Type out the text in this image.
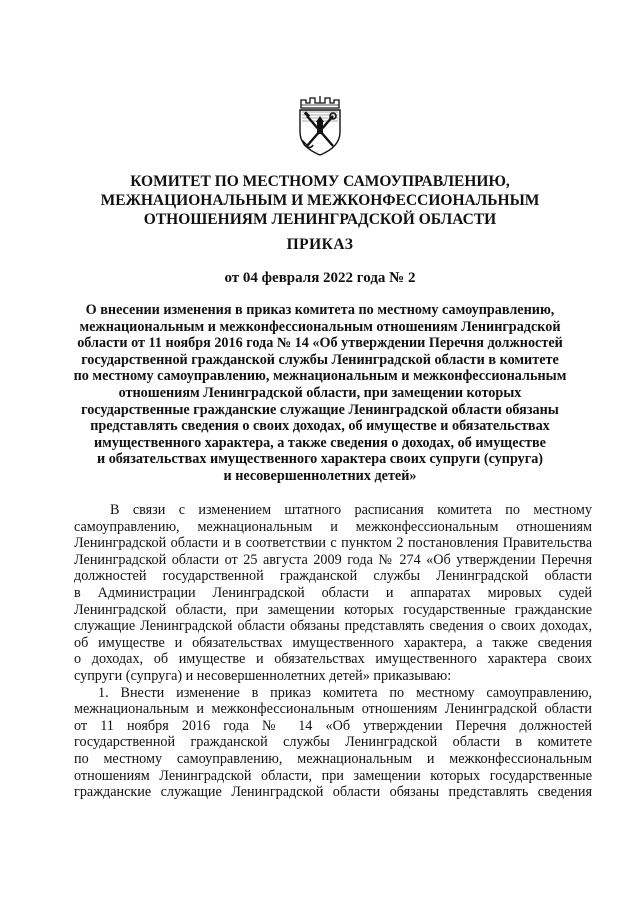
КОМИТЕТ ПО МЕСТНОМУ САМОУПРАВЛЕНИЮ,
МЕЖНАЦИОНАЛЬНЫМ И МЕЖКОНФЕССИОНАЛЬНЫМ
ОТНОШЕНИЯМ ЛЕНИНГРАДСКОЙ ОБЛАСТИ
ПРИКАЗ
от 04 февраля 2022 года № 2
О внесении изменения в приказ комитета по местному самоуправлению,
межнациональным и межконфессиональным отношениям Ленинградской
области от 11 ноября 2016 года № 14 «Об утверждении Перечня должностей
государственной гражданской службы Ленинградской области в комитете
по местному самоуправлению, межнациональным и межконфессиональным
отношениям Ленинградской области, при замещении которых
государственные гражданские служащие Ленинградской области обязаны
представлять сведения о своих доходах, об имуществе и обязательствах
имущественного характера, а также сведения о доходах, об имуществе
и обязательствах имущественного характера своих супруги (супруга)
и несовершеннолетних детей»
В связи с изменением штатного расписания комитета по местному
самоуправлению, межнациональным и межконфессиональным отношениям
Ленинградской области и в соответствии с пунктом 2 постановления Правительства
Ленинградской области от 25 августа 2009 года № 274 «Об утверждении Перечня
должностей государственной гражданской службы Ленинградской области
в Администрации Ленинградской области и аппаратах мировых судей
Ленинградской области, при замещении которых государственные гражданские
служащие Ленинградской области обязаны представлять сведения о своих доходах,
об имуществе и обязательствах имущественного характера, а также сведения
о доходах, об имуществе и обязательствах имущественного характера своих
супруги (супруга) и несовершеннолетних детей» приказываю:
1. Внести изменение в приказ комитета по местному самоуправлению,
межнациональным и межконфессиональным отношениям Ленинградской области
от 11 ноября 2016 года № 14 «Об утверждении Перечня должностей
государственной гражданской службы Ленинградской области в комитете
по местному самоуправлению, межнациональным и межконфессиональным
отношениям Ленинградской области, при замещении которых государственные
гражданские служащие Ленинградской области обязаны представлять сведения
